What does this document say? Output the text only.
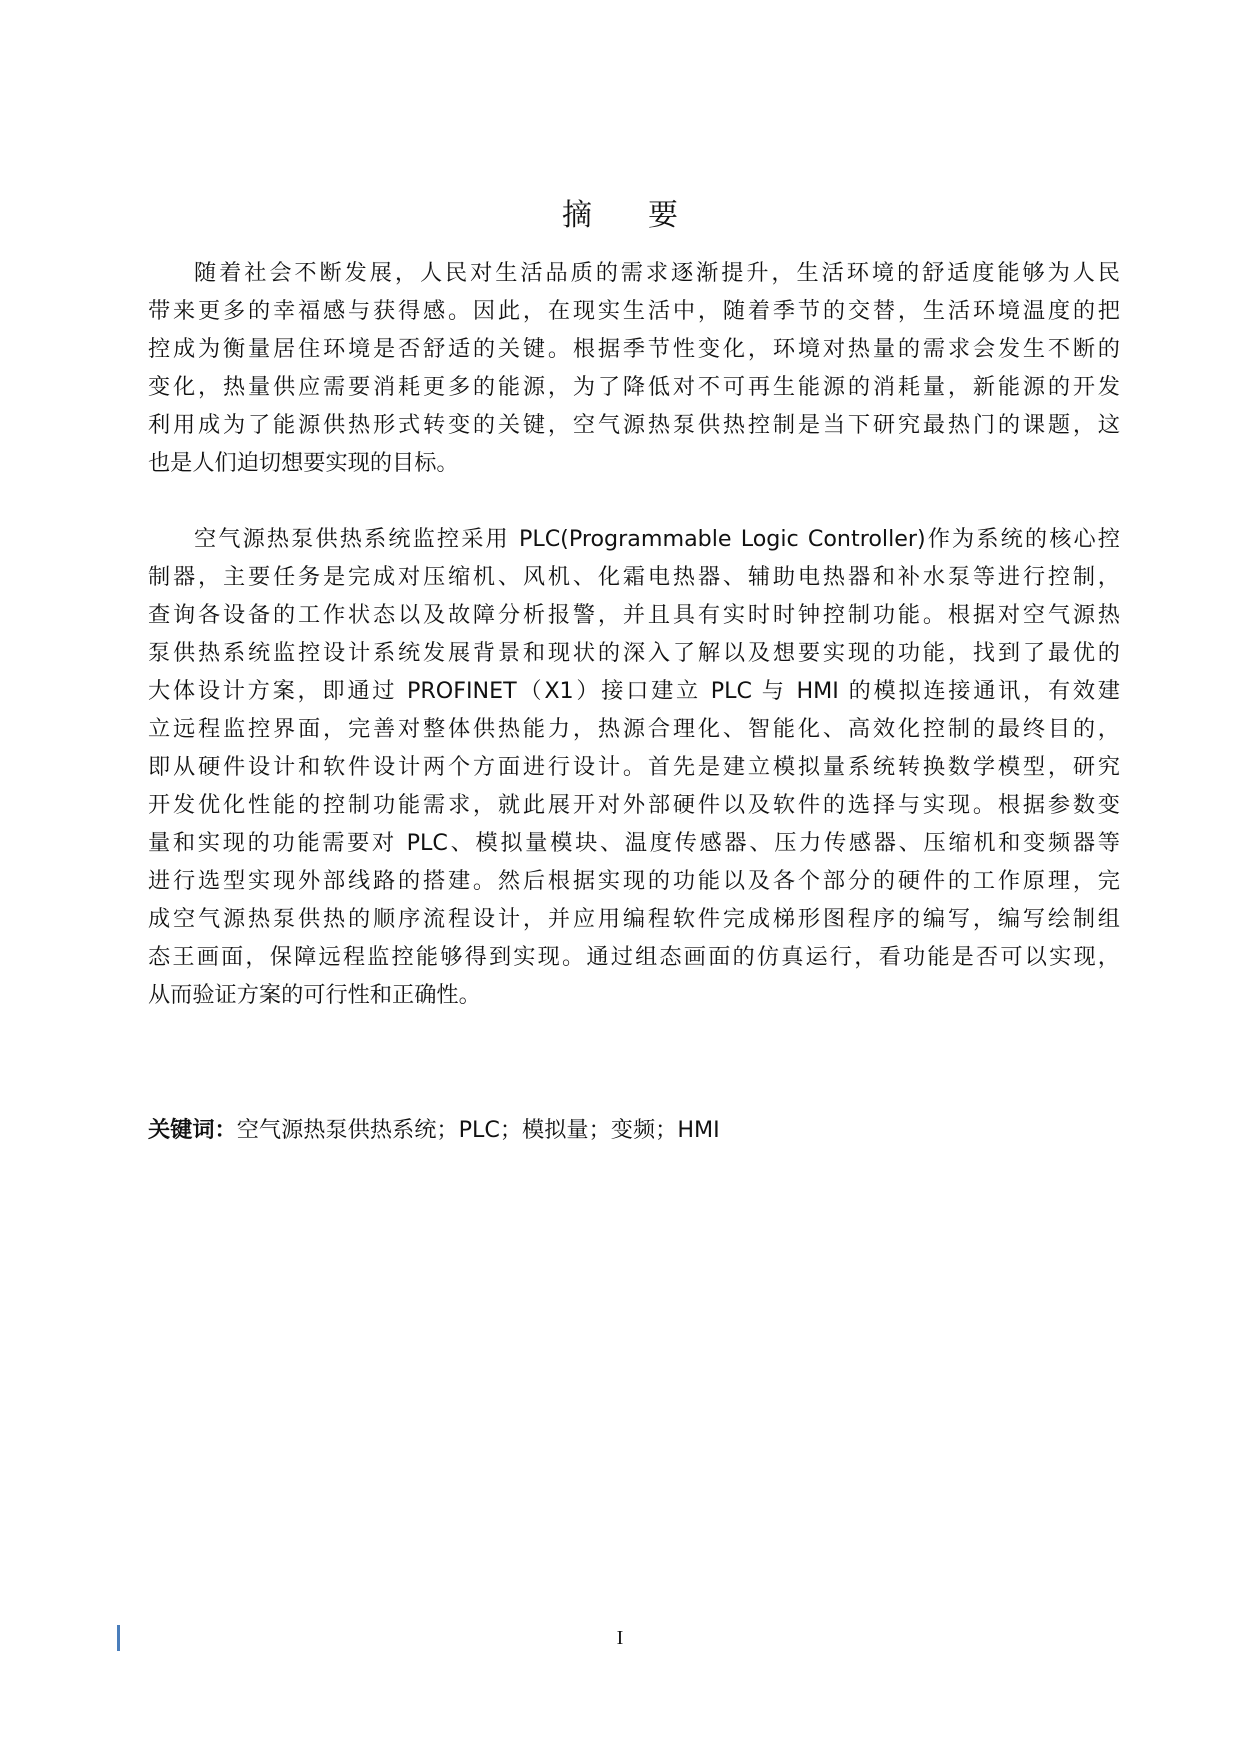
摘要
随着社会不断发展，人民对生活品质的需求逐渐提升，生活环境的舒适度能够为人民
带来更多的幸福感与获得感。因此，在现实生活中，随着季节的交替，生活环境温度的把
控成为衡量居住环境是否舒适的关键。根据季节性变化，环境对热量的需求会发生不断的
变化，热量供应需要消耗更多的能源，为了降低对不可再生能源的消耗量，新能源的开发
利用成为了能源供热形式转变的关键，空气源热泵供热控制是当下研究最热门的课题，这
也是人们迫切想要实现的目标。
空气源热泵供热系统监控采用 PLC(Programmable Logic Controller)作为系统的核心控
制器，主要任务是完成对压缩机、风机、化霜电热器、辅助电热器和补水泵等进行控制，
查询各设备的工作状态以及故障分析报警，并且具有实时时钟控制功能。根据对空气源热
泵供热系统监控设计系统发展背景和现状的深入了解以及想要实现的功能，找到了最优的
大体设计方案，即通过 PROFINET（X1）接口建立 PLC 与 HMI 的模拟连接通讯，有效建
立远程监控界面，完善对整体供热能力，热源合理化、智能化、高效化控制的最终目的，
即从硬件设计和软件设计两个方面进行设计。首先是建立模拟量系统转换数学模型，研究
开发优化性能的控制功能需求，就此展开对外部硬件以及软件的选择与实现。根据参数变
量和实现的功能需要对 PLC、模拟量模块、温度传感器、压力传感器、压缩机和变频器等
进行选型实现外部线路的搭建。然后根据实现的功能以及各个部分的硬件的工作原理，完
成空气源热泵供热的顺序流程设计，并应用编程软件完成梯形图程序的编写，编写绘制组
态王画面，保障远程监控能够得到实现。通过组态画面的仿真运行，看功能是否可以实现，
从而验证方案的可行性和正确性。
关键词：空气源热泵供热系统；PLC；模拟量；变频；HMI
I
